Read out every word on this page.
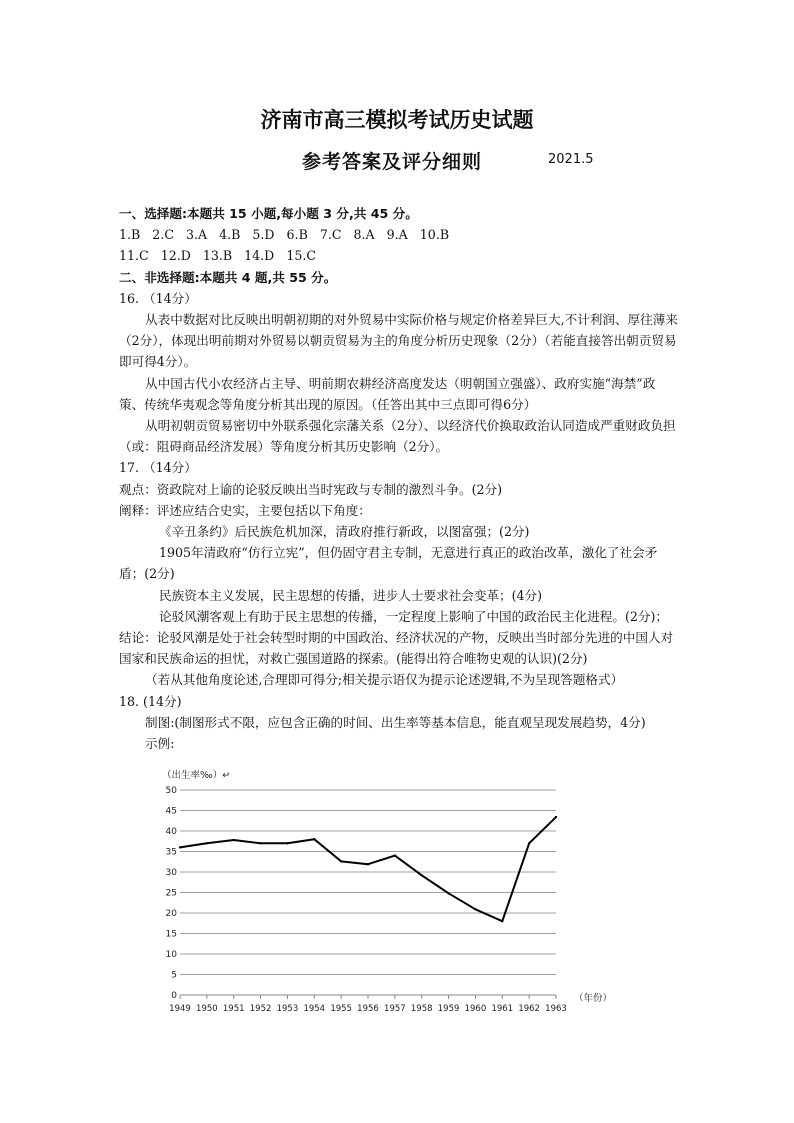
济南市高三模拟考试历史试题
参考答案及评分细则	2021.5

一、选择题:本题共 15 小题,每小题 3 分,共 45 分。

1.B 2.C 3.A 4.B 5.D 6.B 7.C 8.A 9.A 10.B

11.C 12.D 13.B 14.D 15.C

二、非选择题:本题共 4 题,共 55 分。

16. （14分）

从表中数据对比反映出明朝初期的对外贸易中实际价格与规定价格差异巨大,不计利润、厚往薄来（2分），体现出明前期对外贸易以朝贡贸易为主的角度分析历史现象（2分）（若能直接答出朝贡贸易即可得4分）。

从中国古代小农经济占主导、明前期农耕经济高度发达（明朝国立强盛）、政府实施“海禁”政策、传统华夷观念等角度分析其出现的原因。（任答出其中三点即可得6分）

从明初朝贡贸易密切中外联系强化宗藩关系（2分）、以经济代价换取政治认同造成严重财政负担（或：阻碍商品经济发展）等角度分析其历史影响（2分）。

17. （14分）

观点：资政院对上谕的论驳反映出当时宪政与专制的激烈斗争。(2分)

阐释：评述应结合史实，主要包括以下角度：

《辛丑条约》后民族危机加深，清政府推行新政，以图富强；(2分)

1905年清政府“仿行立宪”，但仍固守君主专制，无意进行真正的政治改革，激化了社会矛盾；(2分)

民族资本主义发展，民主思想的传播，进步人士要求社会变革；(4分)

论驳风潮客观上有助于民主思想的传播，一定程度上影响了中国的政治民主化进程。(2分)；

结论：论驳风潮是处于社会转型时期的中国政治、经济状况的产物，反映出当时部分先进的中国人对国家和民族命运的担忧，对救亡强国道路的探索。(能得出符合唯物史观的认识)(2分)

（若从其他角度论述,合理即可得分;相关提示语仅为提示论述逻辑,不为呈现答题格式）

18. (14分)

制图:(制图形式不限，应包含正确的时间、出生率等基本信息，能直观呈现发展趋势，4分)

示例:

0
5
10
15
20
25
30
35
40
45
50
1949 1950 1951 1952 1953 1954 1955 1956 1957 1958 1959 1960 1961 1962 1963
（出生率‰）↵
（年份）
